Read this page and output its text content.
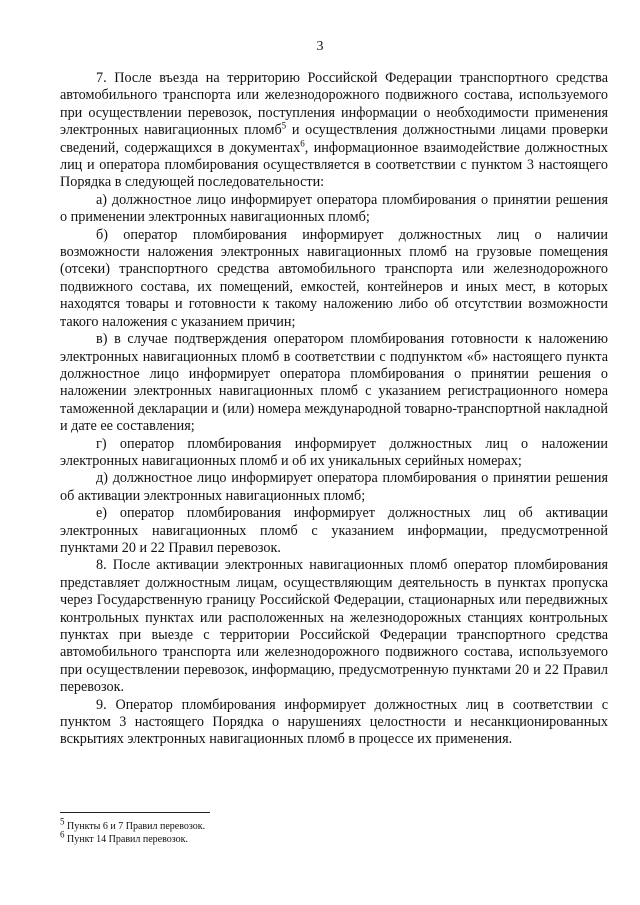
3

7. После въезда на территорию Российской Федерации транспортного средства автомобильного транспорта или железнодорожного подвижного состава, используемого при осуществлении перевозок, поступления информации о необходимости применения электронных навигационных пломб$^5$ и осуществления должностными лицами проверки сведений, содержащихся в документах$^6$, информационное взаимодействие должностных лиц и оператора пломбирования осуществляется в соответствии с пунктом 3 настоящего Порядка в следующей последовательности:

а) должностное лицо информирует оператора пломбирования о принятии решения о применении электронных навигационных пломб;

б) оператор пломбирования информирует должностных лиц о наличии возможности наложения электронных навигационных пломб на грузовые помещения (отсеки) транспортного средства автомобильного транспорта или железнодорожного подвижного состава, их помещений, емкостей, контейнеров и иных мест, в которых находятся товары и готовности к такому наложению либо об отсутствии возможности такого наложения с указанием причин;

в) в случае подтверждения оператором пломбирования готовности к наложению электронных навигационных пломб в соответствии с подпунктом «б» настоящего пункта должностное лицо информирует оператора пломбирования о принятии решения о наложении электронных навигационных пломб с указанием регистрационного номера таможенной декларации и (или) номера международной товарно-транспортной накладной и дате ее составления;

г) оператор пломбирования информирует должностных лиц о наложении электронных навигационных пломб и об их уникальных серийных номерах;

д) должностное лицо информирует оператора пломбирования о принятии решения об активации электронных навигационных пломб;

е) оператор пломбирования информирует должностных лиц об активации электронных навигационных пломб с указанием информации, предусмотренной пунктами 20 и 22 Правил перевозок.

8. После активации электронных навигационных пломб оператор пломбирования представляет должностным лицам, осуществляющим деятельность в пунктах пропуска через Государственную границу Российской Федерации, стационарных или передвижных контрольных пунктах или расположенных на железнодорожных станциях контрольных пунктах при выезде с территории Российской Федерации транспортного средства автомобильного транспорта или железнодорожного подвижного состава, используемого при осуществлении перевозок, информацию, предусмотренную пунктами 20 и 22 Правил перевозок.

9. Оператор пломбирования информирует должностных лиц в соответствии с пунктом 3 настоящего Порядка о нарушениях целостности и несанкционированных вскрытиях электронных навигационных пломб в процессе их применения.

$^5$ Пункты 6 и 7 Правил перевозок.
$^6$ Пункт 14 Правил перевозок.
